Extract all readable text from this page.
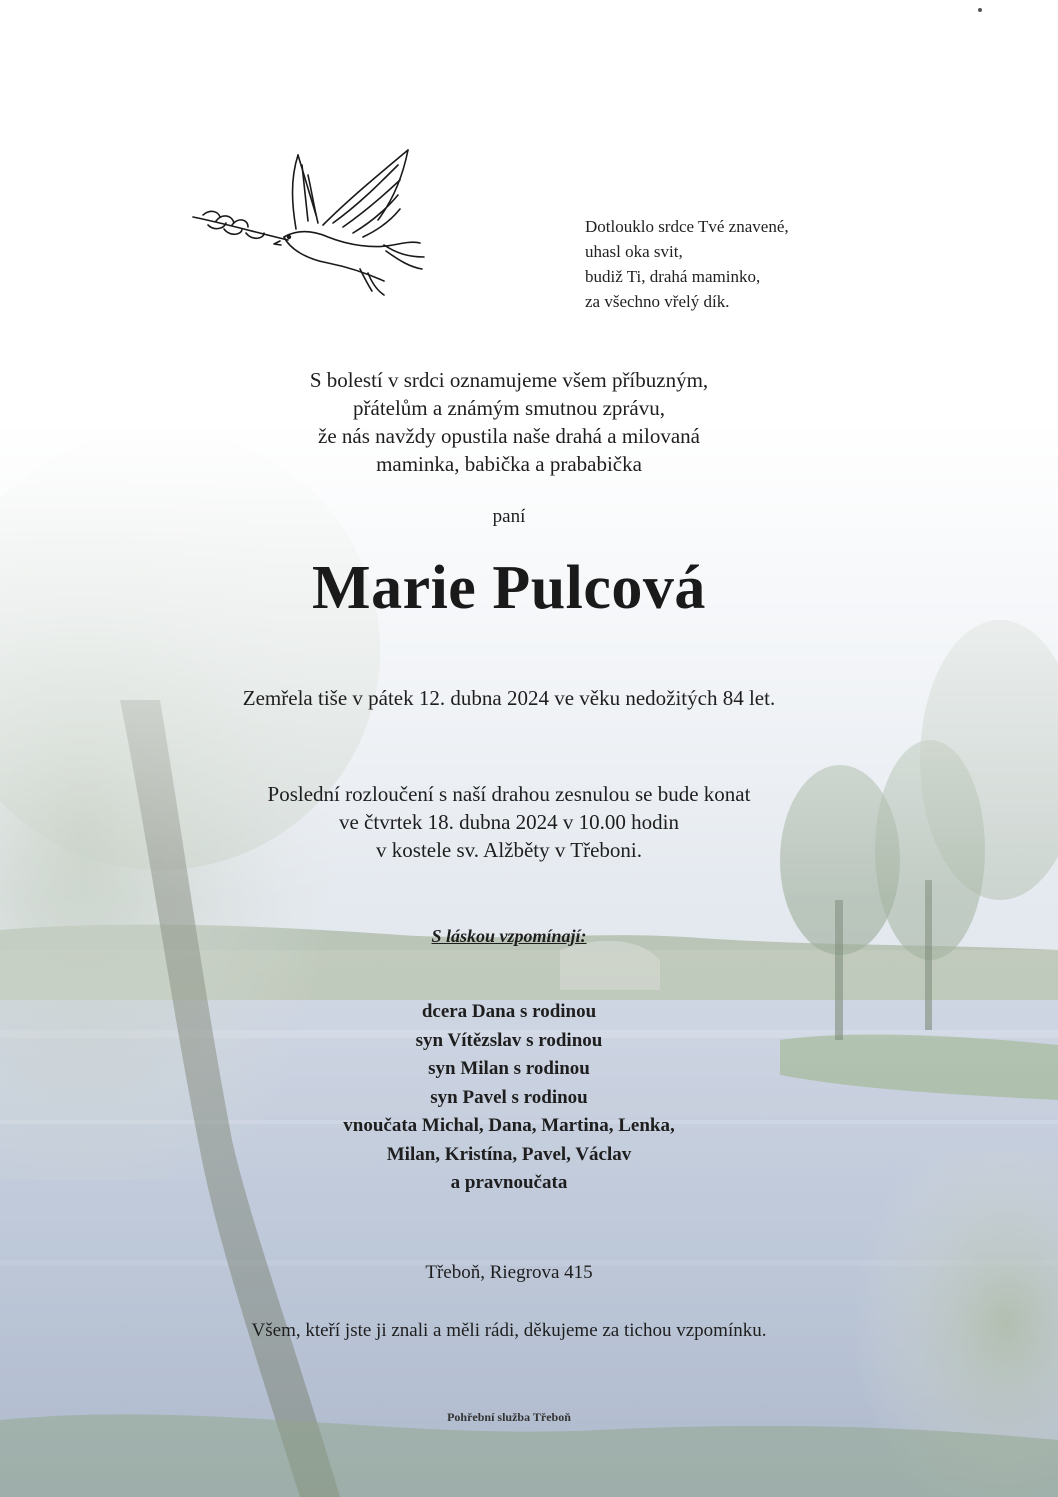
Dotlouklo srdce Tvé znavené,
uhasl oka svit,
budiž Ti, drahá maminko,
za všechno vřelý dík.
S bolestí v srdci oznamujeme všem příbuzným,
přátelům a známým smutnou zprávu,
že nás navždy opustila naše drahá a milovaná
maminka, babička a prababička
paní
Marie Pulcová
Zemřela tiše v pátek 12. dubna 2024 ve věku nedožitých 84 let.
Poslední rozloučení s naší drahou zesnulou se bude konat
ve čtvrtek 18. dubna 2024 v 10.00 hodin
v kostele sv. Alžběty v Třeboni.
S láskou vzpomínají:
dcera Dana s rodinou
syn Vítězslav s rodinou
syn Milan s rodinou
syn Pavel s rodinou
vnoučata Michal, Dana, Martina, Lenka,
Milan, Kristína, Pavel, Václav
a pravnoučata
Třeboň, Riegrova 415
Všem, kteří jste ji znali a měli rádi, děkujeme za tichou vzpomínku.
Pohřební služba Třeboň
